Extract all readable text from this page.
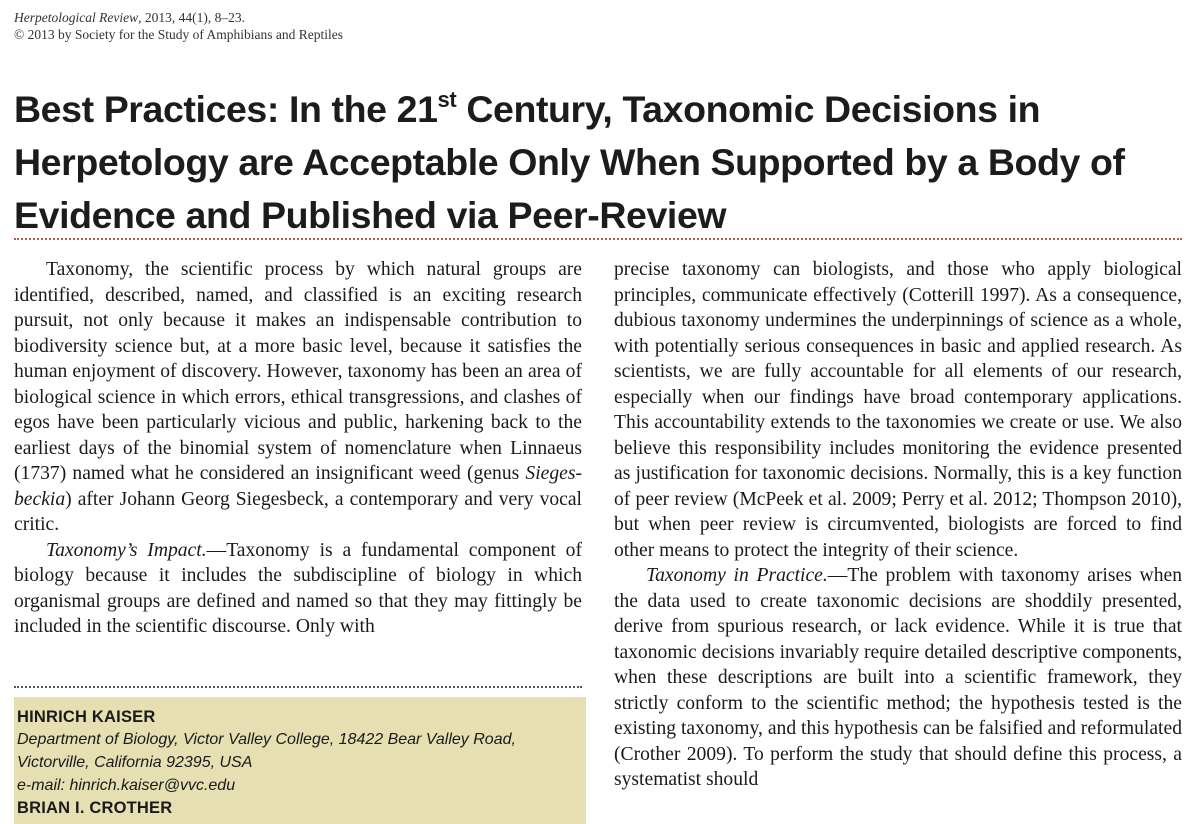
Herpetological Review, 2013, 44(1), 8–23.
© 2013 by Society for the Study of Amphibians and Reptiles
Best Practices: In the 21st Century, Taxonomic Decisions in Herpetology are Acceptable Only When Supported by a Body of Evidence and Published via Peer-Review

Taxonomy, the scientific process by which natural groups are identified, described, named, and classified is an exciting research pursuit, not only because it makes an indispensable contribution to biodiversity science but, at a more basic level, because it satisfies the human enjoyment of discovery. However, taxonomy has been an area of biological science in which errors, ethical transgressions, and clashes of egos have been particularly vicious and public, harkening back to the earliest days of the binomial system of nomenclature when Linnaeus (1737) named what he considered an insignificant weed (genus Siegesbeckia) after Johann Georg Siegesbeck, a contemporary and very vocal critic.

Taxonomy’s Impact.—Taxonomy is a fundamental component of biology because it includes the subdiscipline of biology in which organismal groups are defined and named so that they may fittingly be included in the scientific discourse. Only with

HINRICH KAISER
Department of Biology, Victor Valley College, 18422 Bear Valley Road,
Victorville, California 92395, USA
e-mail: hinrich.kaiser@vvc.edu
BRIAN I. CROTHER

precise taxonomy can biologists, and those who apply biological principles, communicate effectively (Cotterill 1997). As a consequence, dubious taxonomy undermines the underpinnings of science as a whole, with potentially serious consequences in basic and applied research. As scientists, we are fully accountable for all elements of our research, especially when our findings have broad contemporary applications. This accountability extends to the taxonomies we create or use. We also believe this responsibility includes monitoring the evidence presented as justification for taxonomic decisions. Normally, this is a key function of peer review (McPeek et al. 2009; Perry et al. 2012; Thompson 2010), but when peer review is circumvented, biologists are forced to find other means to protect the integrity of their science.

Taxonomy in Practice.—The problem with taxonomy arises when the data used to create taxonomic decisions are shoddily presented, derive from spurious research, or lack evidence. While it is true that taxonomic decisions invariably require detailed descriptive components, when these descriptions are built into a scientific framework, they strictly conform to the scientific method; the hypothesis tested is the existing taxonomy, and this hypothesis can be falsified and reformulated (Crother 2009). To perform the study that should define this process, a systematist should
